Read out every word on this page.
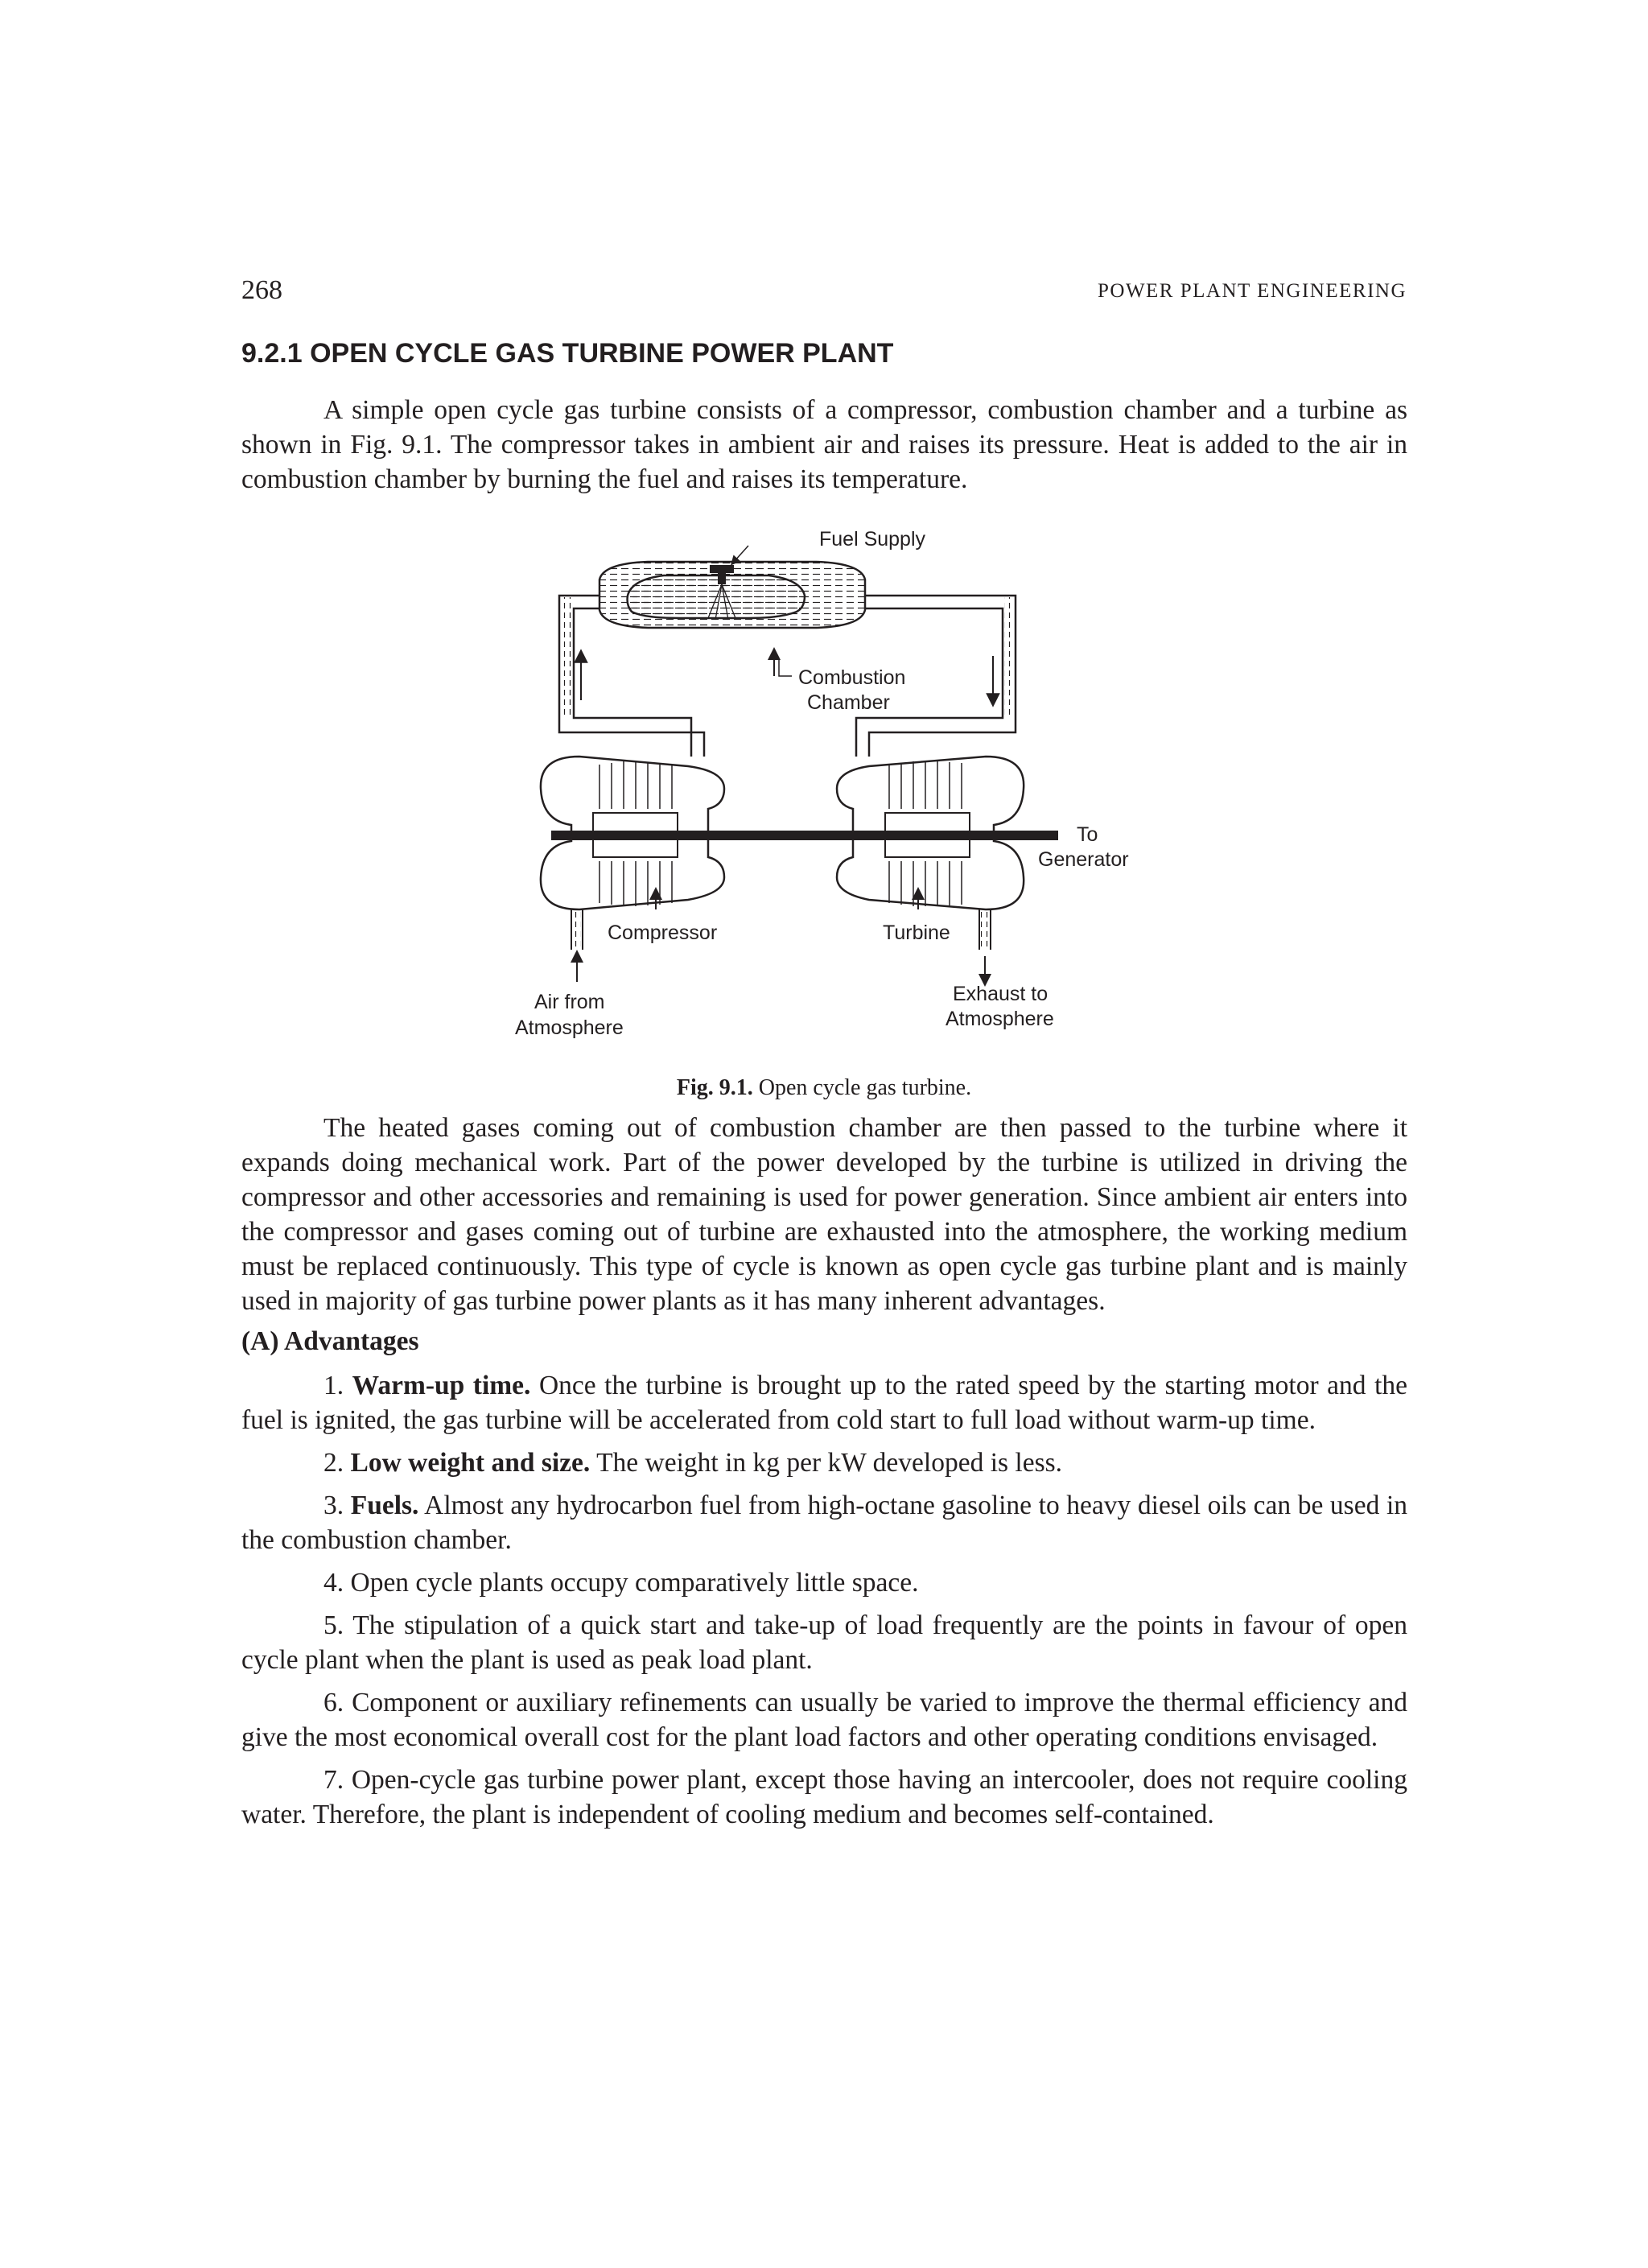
268	POWER PLANT ENGINEERING
9.2.1 OPEN CYCLE GAS TURBINE POWER PLANT

A simple open cycle gas turbine consists of a compressor, combustion chamber and a turbine as shown in Fig. 9.1. The compressor takes in ambient air and raises its pressure. Heat is added to the air in combustion chamber by burning the fuel and raises its temperature.

Fuel Supply
Combustion
Chamber
To
Generator
Compressor	Turbine
Air from
Atmosphere
Exhaust to
Atmosphere
Fig. 9.1. Open cycle gas turbine.

The heated gases coming out of combustion chamber are then passed to the turbine where it expands doing mechanical work. Part of the power developed by the turbine is utilized in driving the compressor and other accessories and remaining is used for power generation. Since ambient air enters into the compressor and gases coming out of turbine are exhausted into the atmosphere, the working medium must be replaced continuously. This type of cycle is known as open cycle gas turbine plant and is mainly used in majority of gas turbine power plants as it has many inherent advantages.

(A) Advantages

1. Warm-up time. Once the turbine is brought up to the rated speed by the starting motor and the fuel is ignited, the gas turbine will be accelerated from cold start to full load without warm-up time.

2. Low weight and size. The weight in kg per kW developed is less.

3. Fuels. Almost any hydrocarbon fuel from high-octane gasoline to heavy diesel oils can be used in the combustion chamber.

4. Open cycle plants occupy comparatively little space.

5. The stipulation of a quick start and take-up of load frequently are the points in favour of open cycle plant when the plant is used as peak load plant.

6. Component or auxiliary refinements can usually be varied to improve the thermal efficiency and give the most economical overall cost for the plant load factors and other operating conditions envisaged.

7. Open-cycle gas turbine power plant, except those having an intercooler, does not require cooling water. Therefore, the plant is independent of cooling medium and becomes self-contained.
